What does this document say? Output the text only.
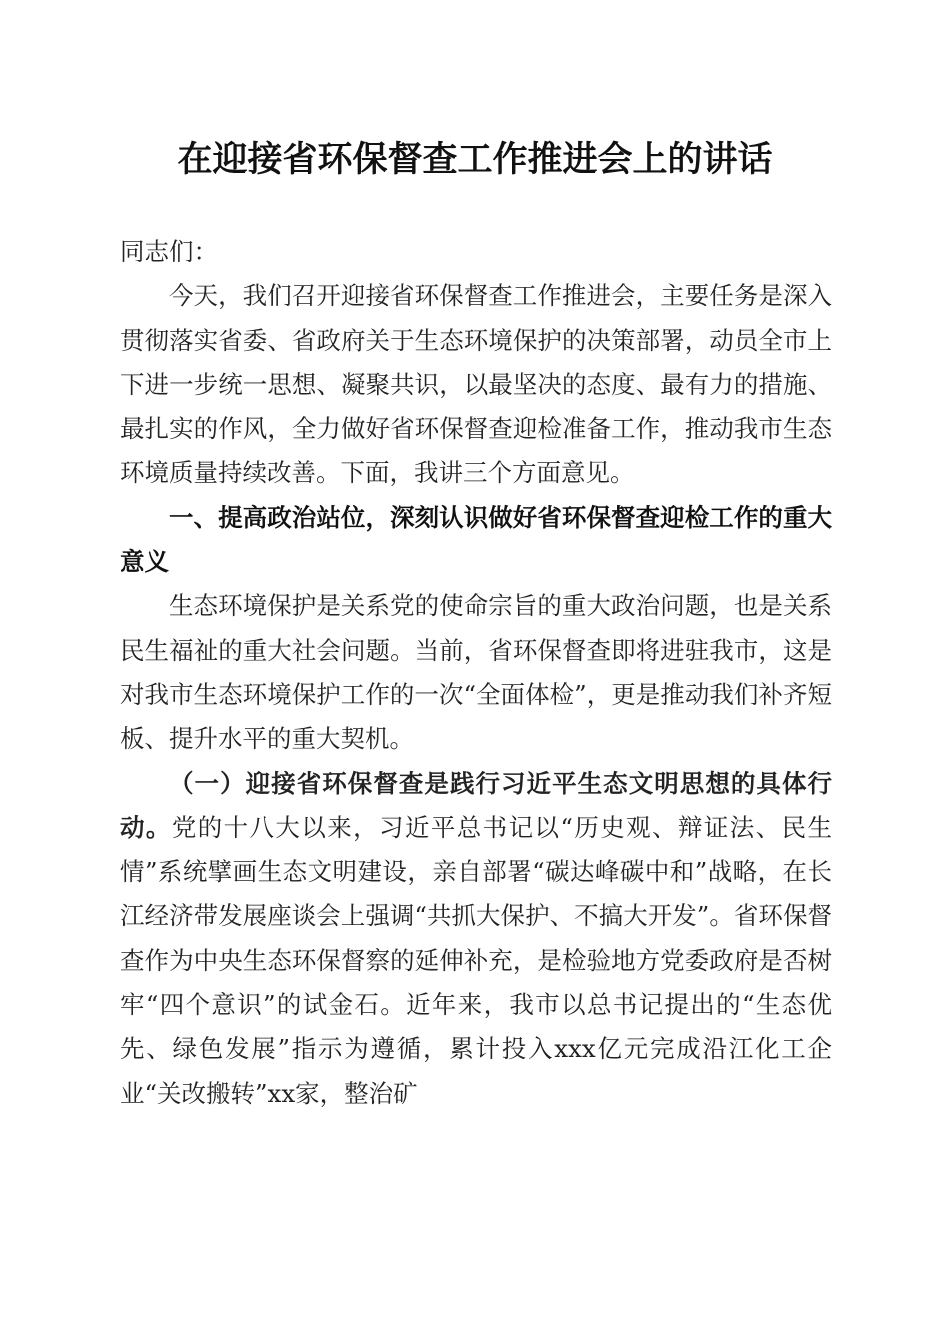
在迎接省环保督查工作推进会上的讲话

同志们：

今天，我们召开迎接省环保督查工作推进会，主要任务是深入贯彻落实省委、省政府关于生态环境保护的决策部署，动员全市上下进一步统一思想、凝聚共识，以最坚决的态度、最有力的措施、最扎实的作风，全力做好省环保督查迎检准备工作，推动我市生态环境质量持续改善。下面，我讲三个方面意见。

一、提高政治站位，深刻认识做好省环保督查迎检工作的重大意义

生态环境保护是关系党的使命宗旨的重大政治问题，也是关系民生福祉的重大社会问题。当前，省环保督查即将进驻我市，这是对我市生态环境保护工作的一次“全面体检”，更是推动我们补齐短板、提升水平的重大契机。

（一）迎接省环保督查是践行习近平生态文明思想的具体行动。党的十八大以来，习近平总书记以“历史观、辩证法、民生情”系统擘画生态文明建设，亲自部署“碳达峰碳中和”战略，在长江经济带发展座谈会上强调“共抓大保护、不搞大开发”。省环保督查作为中央生态环保督察的延伸补充，是检验地方党委政府是否树牢“四个意识”的试金石。近年来，我市以总书记提出的“生态优先、绿色发展”指示为遵循，累计投入xxx亿元完成沿江化工企业“关改搬转”xx家，整治矿
